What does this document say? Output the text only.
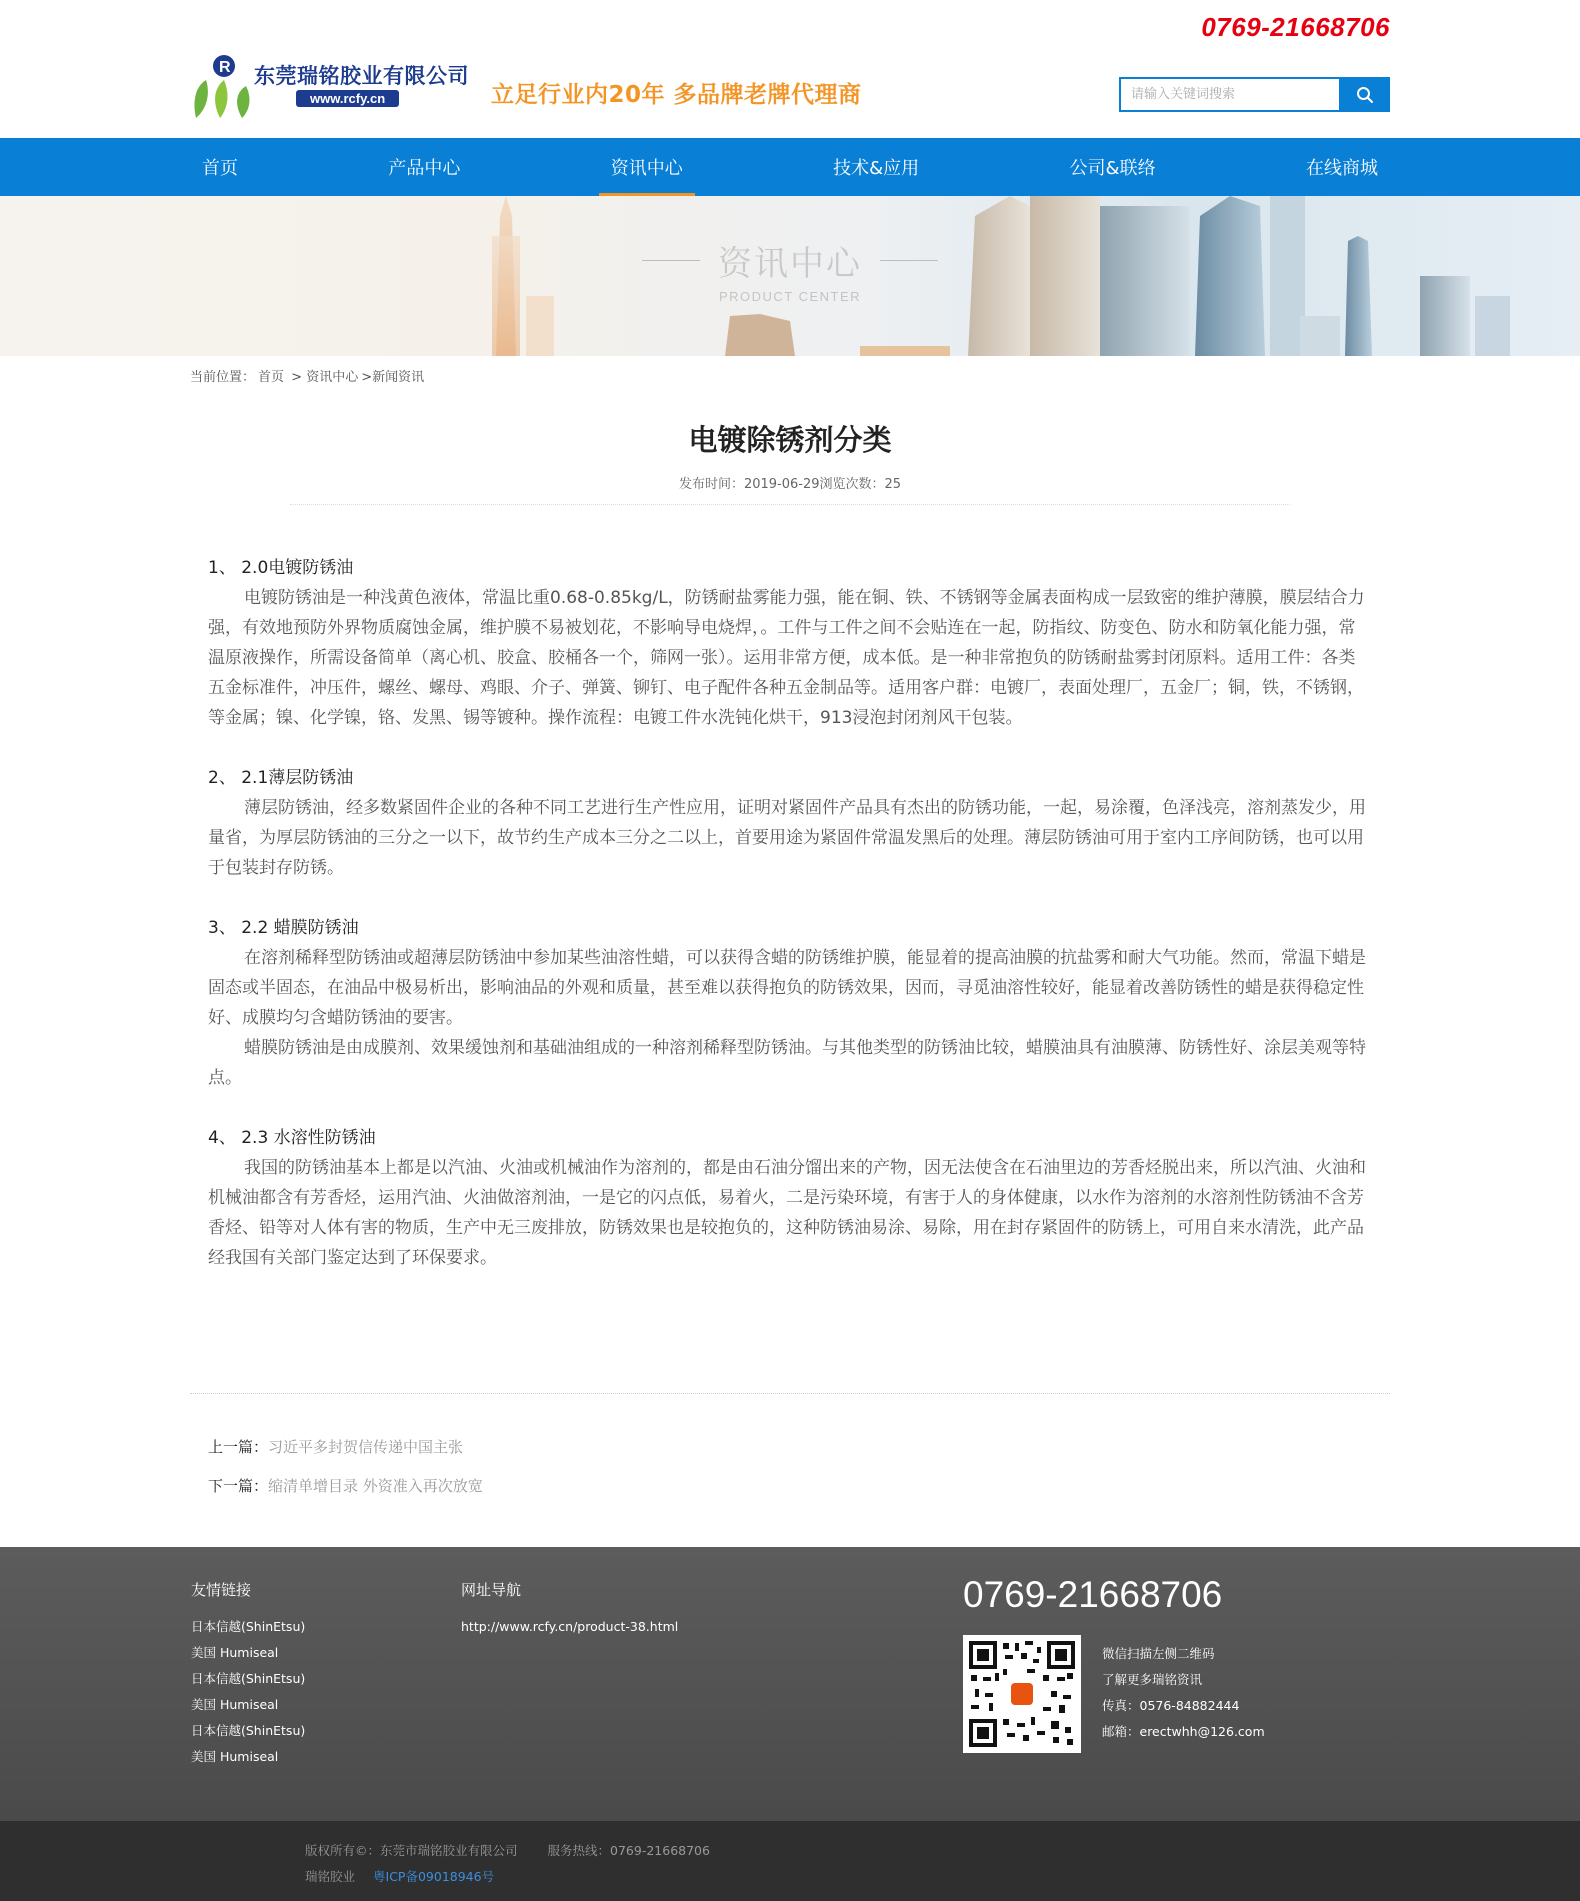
0769-21668706
R 东莞瑞铭胶业有限公司
www.rcfy.cn	立足行业内20年 多品牌老牌代理商
请输入关键词搜索
首页	产品中心	资讯中心	技术&应用	公司&联络	在线商城
资讯中心
PRODUCT CENTER
当前位置： 首页 > 资讯中心 >新闻资讯
电镀除锈剂分类
发布时间：2019-06-29浏览次数：25
1、 2.0电镀防锈油

电镀防锈油是一种浅黄色液体，常温比重0.68-0.85kg/L，防锈耐盐雾能力强，能在铜、铁、不锈钢等金属表面构成一层致密的维护薄膜，膜层结合力强，有效地预防外界物质腐蚀金属，维护膜不易被划花，不影响导电烧焊，。工件与工件之间不会贴连在一起，防指纹、防变色、防水和防氧化能力强，常温原液操作，所需设备简单（离心机、胶盒、胶桶各一个，筛网一张）。运用非常方便，成本低。是一种非常抱负的防锈耐盐雾封闭原料。适用工件：各类五金标准件，冲压件，螺丝、螺母、鸡眼、介子、弹簧、铆钉、电子配件各种五金制品等。适用客户群：电镀厂，表面处理厂，五金厂；铜，铁，不锈钢，等金属；镍、化学镍，铬、发黑、锡等镀种。操作流程：电镀工件水洗钝化烘干，913浸泡封闭剂风干包装。

2、 2.1薄层防锈油

薄层防锈油，经多数紧固件企业的各种不同工艺进行生产性应用，证明对紧固件产品具有杰出的防锈功能，一起，易涂覆，色泽浅亮，溶剂蒸发少，用量省，为厚层防锈油的三分之一以下，故节约生产成本三分之二以上，首要用途为紧固件常温发黑后的处理。薄层防锈油可用于室内工序间防锈，也可以用于包装封存防锈。

3、 2.2 蜡膜防锈油

在溶剂稀释型防锈油或超薄层防锈油中参加某些油溶性蜡，可以获得含蜡的防锈维护膜，能显着的提高油膜的抗盐雾和耐大气功能。然而，常温下蜡是固态或半固态，在油品中极易析出，影响油品的外观和质量，甚至难以获得抱负的防锈效果，因而，寻觅油溶性较好，能显着改善防锈性的蜡是获得稳定性好、成膜均匀含蜡防锈油的要害。

蜡膜防锈油是由成膜剂、效果缓蚀剂和基础油组成的一种溶剂稀释型防锈油。与其他类型的防锈油比较，蜡膜油具有油膜薄、防锈性好、涂层美观等特点。

4、 2.3 水溶性防锈油

我国的防锈油基本上都是以汽油、火油或机械油作为溶剂的，都是由石油分馏出来的产物，因无法使含在石油里边的芳香烃脱出来，所以汽油、火油和机械油都含有芳香烃，运用汽油、火油做溶剂油，一是它的闪点低，易着火，二是污染环境，有害于人的身体健康，以水作为溶剂的水溶剂性防锈油不含芳香烃、铅等对人体有害的物质，生产中无三废排放，防锈效果也是较抱负的，这种防锈油易涂、易除，用在封存紧固件的防锈上，可用自来水清洗，此产品经我国有关部门鉴定达到了环保要求。

上一篇：习近平多封贺信传递中国主张
下一篇：缩清单增目录 外资准入再次放宽
友情链接
日本信越(ShinEtsu)
美国 Humiseal
日本信越(ShinEtsu)
美国 Humiseal
日本信越(ShinEtsu)
美国 Humiseal
网址导航
http://www.rcfy.cn/product-38.html
0769-21668706
微信扫描左侧二维码
了解更多瑞铭资讯
传真：0576-84882444
邮箱：erectwhh@126.com
版权所有©：东莞市瑞铭胶业有限公司 服务热线：0769-21668706
瑞铭胶业 粤ICP备09018946号
